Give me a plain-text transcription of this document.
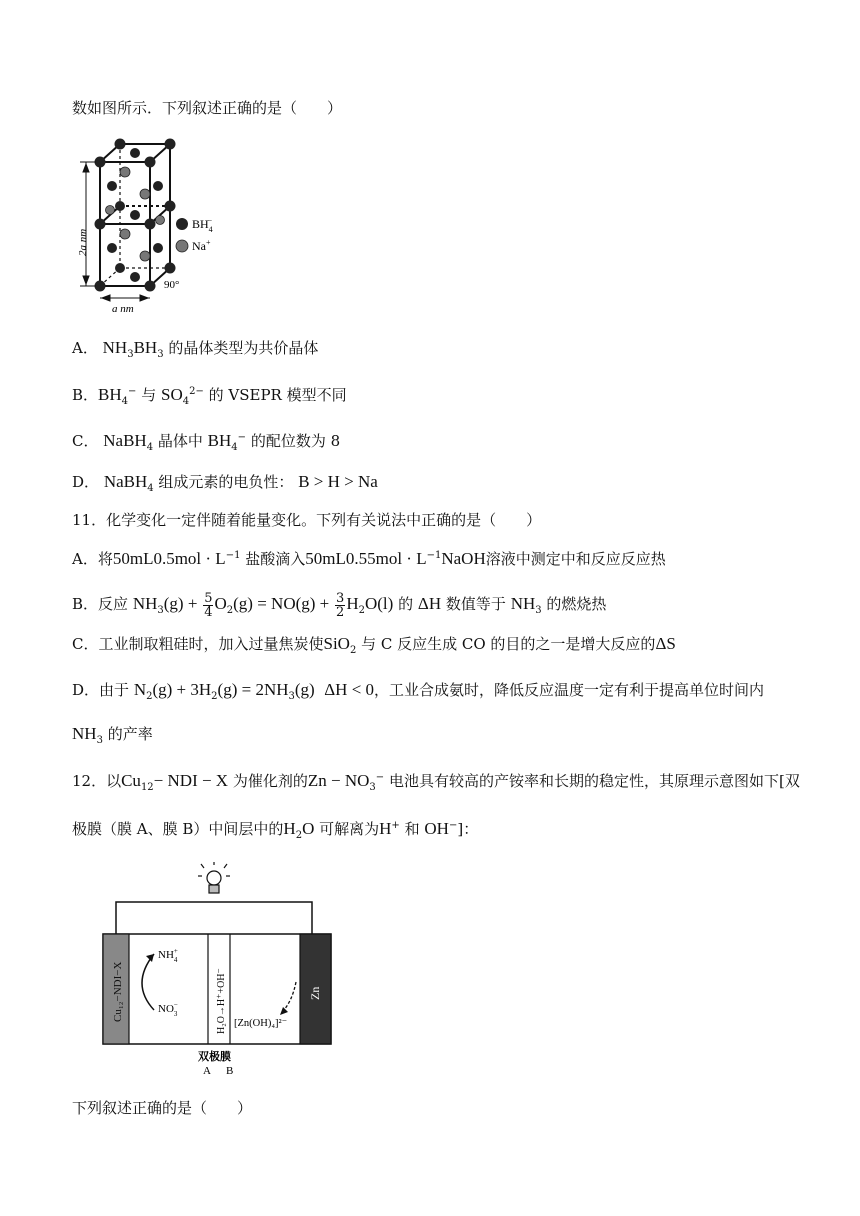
数如图所示．下列叙述正确的是（　　）
2a nm
a nm
90°
$BH_4-$
Na+
A． $NH_3BH_3$ 的晶体类型为共价晶体
B．$BH_4^-$ 与 $SO_4^{2-}$ 的 VSEPR 模型不同
C． NaBH$_4$ 晶体中 $BH_4^-$ 的配位数为 8
D． NaBH$_4$ 组成元素的电负性： B > H > Na
11．化学变化一定伴随着能量变化。下列有关说法中正确的是（　　）
A．将$50mL0.5mol \cdot L^{-1}$ 盐酸滴入$50mL0.55mol \cdot L^{-1}NaOH$溶液中测定中和反应反应热
B．反应 $NH_3(g) + \frac{5}{4} O_2(g) = NO(g) + \frac{3}{2} H_2O(l)$ 的 ΔH 数值等于 $NH_3$ 的燃烧热
C．工业制取粗硅时，加入过量焦炭使SiO$_2$ 与 C 反应生成 CO 的目的之一是增大反应的ΔS
D．由于 $N_2(g) + 3H_2(g) = 2NH_3(g) \Delta H < 0$，工业合成氨时，降低反应温度一定有利于提高单位时间内
$NH_3$ 的产率
12．以$Cu_{12}-$ NDI − X 为催化剂的$Zn - NO_3^-$ 电池具有较高的产铵率和长期的稳定性，其原理示意图如下[双
极膜（膜 A、膜 B）中间层中的$H_2O$ 可解离为H+ 和 OH−]：
Cu₁₂−NDI−X	Zn
H₂O→H⁺+OH⁻
NH+ 4
NO− 3
[Zn(OH)₄]²⁻
双极膜
A B
下列叙述正确的是（　　）
